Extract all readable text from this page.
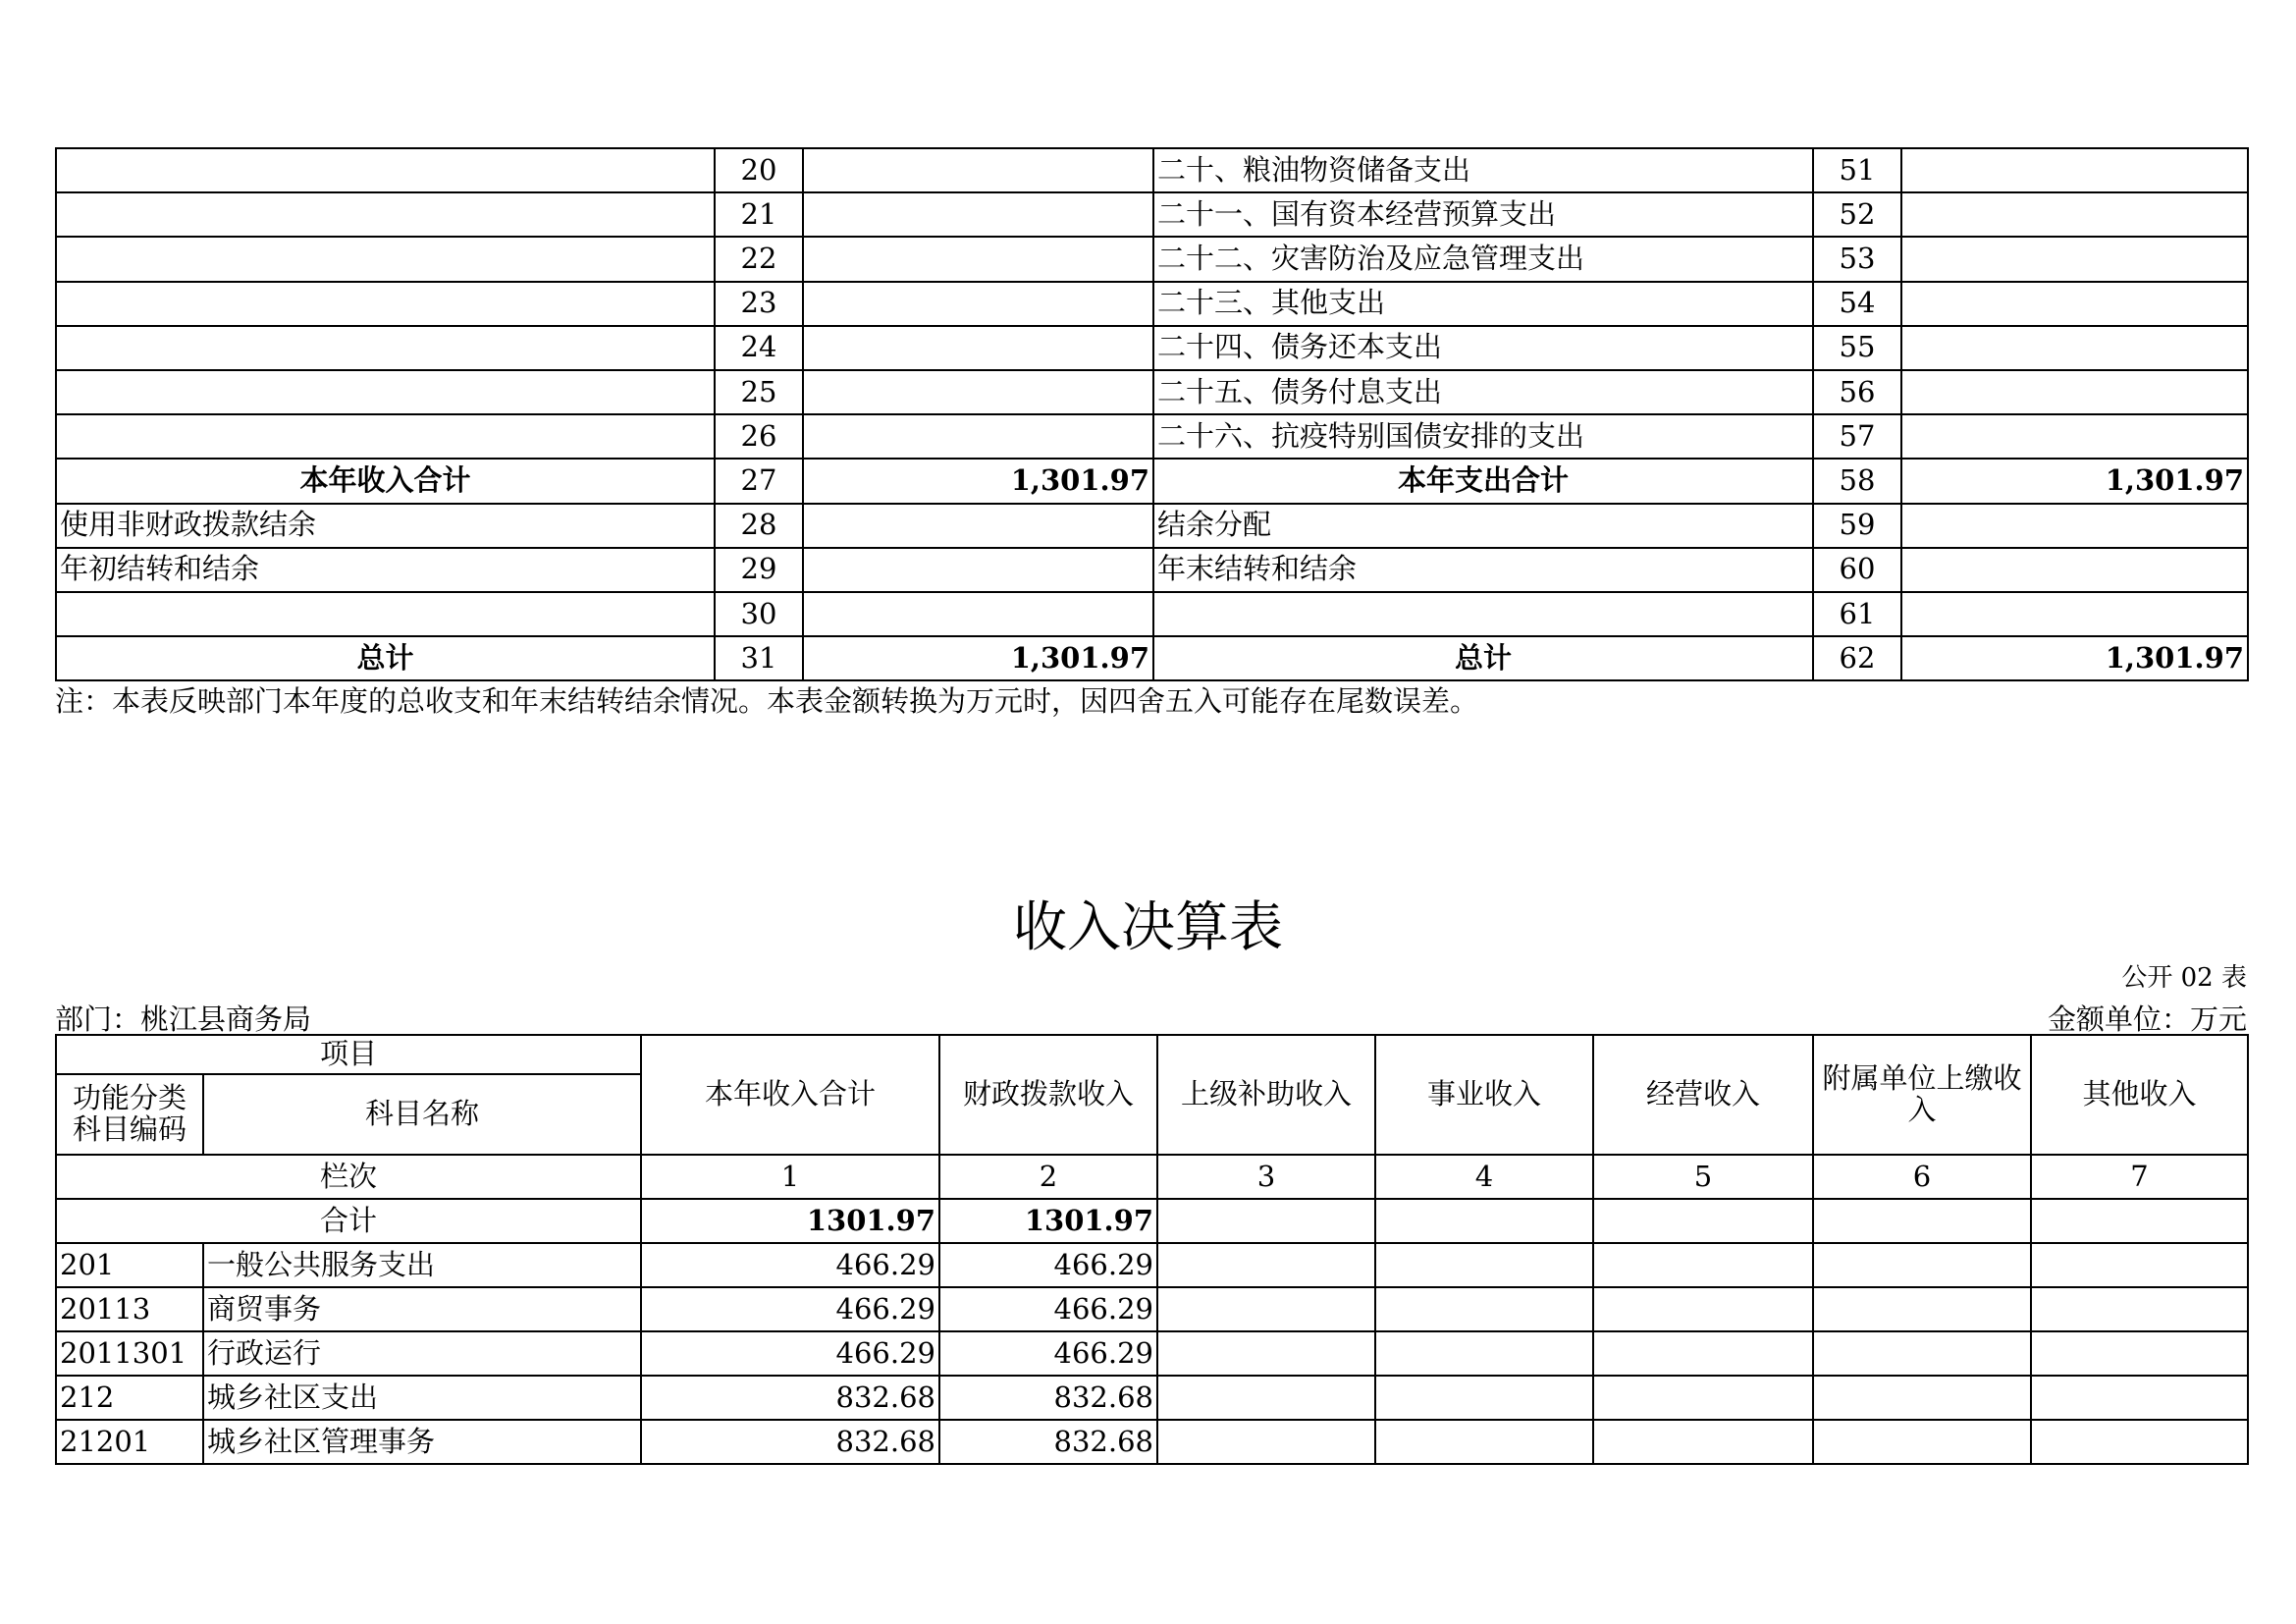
	20		二十、粮油物资储备支出	51	
	21		二十一、国有资本经营预算支出	52	
	22		二十二、灾害防治及应急管理支出	53	
	23		二十三、其他支出	54	
	24		二十四、债务还本支出	55	
	25		二十五、债务付息支出	56	
	26		二十六、抗疫特别国债安排的支出	57	
本年收入合计	27	1,301.97	本年支出合计	58	1,301.97
使用非财政拨款结余	28		结余分配	59	
年初结转和结余	29		年末结转和结余	60	
	30			61	
总计	31	1,301.97	总计	62	1,301.97
注：本表反映部门本年度的总收支和年末结转结余情况。本表金额转换为万元时，因四舍五入可能存在尾数误差。
收入决算表
公开 02 表
部门：桃江县商务局	金额单位：万元
项目		本年收入合计	财政拨款收入	上级补助收入	事业收入	经营收入	附属单位上缴收入	其他收入
功能分类科目编码	科目名称							
栏次		1	2	3	4	5	6	7
合计		1301.97	1301.97					
201	一般公共服务支出	466.29	466.29					
20113	商贸事务	466.29	466.29					
2011301	行政运行	466.29	466.29					
212	城乡社区支出	832.68	832.68					
21201	城乡社区管理事务	832.68	832.68					
